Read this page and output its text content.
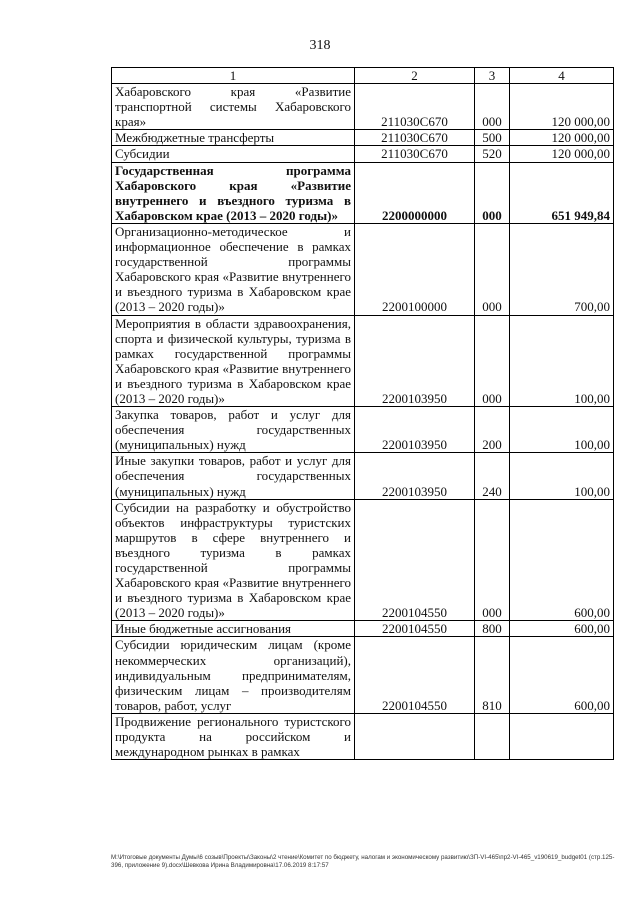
318
1	2	3	4
Хабаровского края «Развитие транспортной системы Хабаровского края»	211030С670	000	120 000,00
Межбюджетные трансферты	211030С670	500	120 000,00
Субсидии	211030С670	520	120 000,00
Государственная программа Хабаровского края «Развитие внутреннего и въездного туризма в Хабаровском крае (2013 – 2020 годы)»	2200000000	000	651 949,84
Организационно-методическое и информационное обеспечение в рамках государственной программы Хабаровского края «Развитие внутреннего и въездного туризма в Хабаровском крае (2013 – 2020 годы)»	2200100000	000	700,00
Мероприятия в области здравоохранения, спорта и физической культуры, туризма в рамках государственной программы Хабаровского края «Развитие внутреннего и въездного туризма в Хабаровском крае (2013 – 2020 годы)»	2200103950	000	100,00
Закупка товаров, работ и услуг для обеспечения государственных (муниципальных) нужд	2200103950	200	100,00
Иные закупки товаров, работ и услуг для обеспечения государственных (муниципальных) нужд	2200103950	240	100,00
Субсидии на разработку и обустройство объектов инфраструктуры туристских маршрутов в сфере внутреннего и въездного туризма в рамках государственной программы Хабаровского края «Развитие внутреннего и въездного туризма в Хабаровском крае (2013 – 2020 годы)»	2200104550	000	600,00
Иные бюджетные ассигнования	2200104550	800	600,00
Субсидии юридическим лицам (кроме некоммерческих организаций), индивидуальным предпринимателям, физическим лицам – производителям товаров, работ, услуг	2200104550	810	600,00
Продвижение регионального туристского продукта на российском и международном рынках в рамках			
M:\Итоговые документы Думы\6 созыв\Проекты\Законы\2 чтение\Комитет по бюджету, налогам и экономическому развитию\ЗП-VI-465\пр2-VI-465_v190619_budget01 (стр.125-396, приложение 9).docx\Шевкова Ирина Владимировна\17.06.2019 8:17:57
